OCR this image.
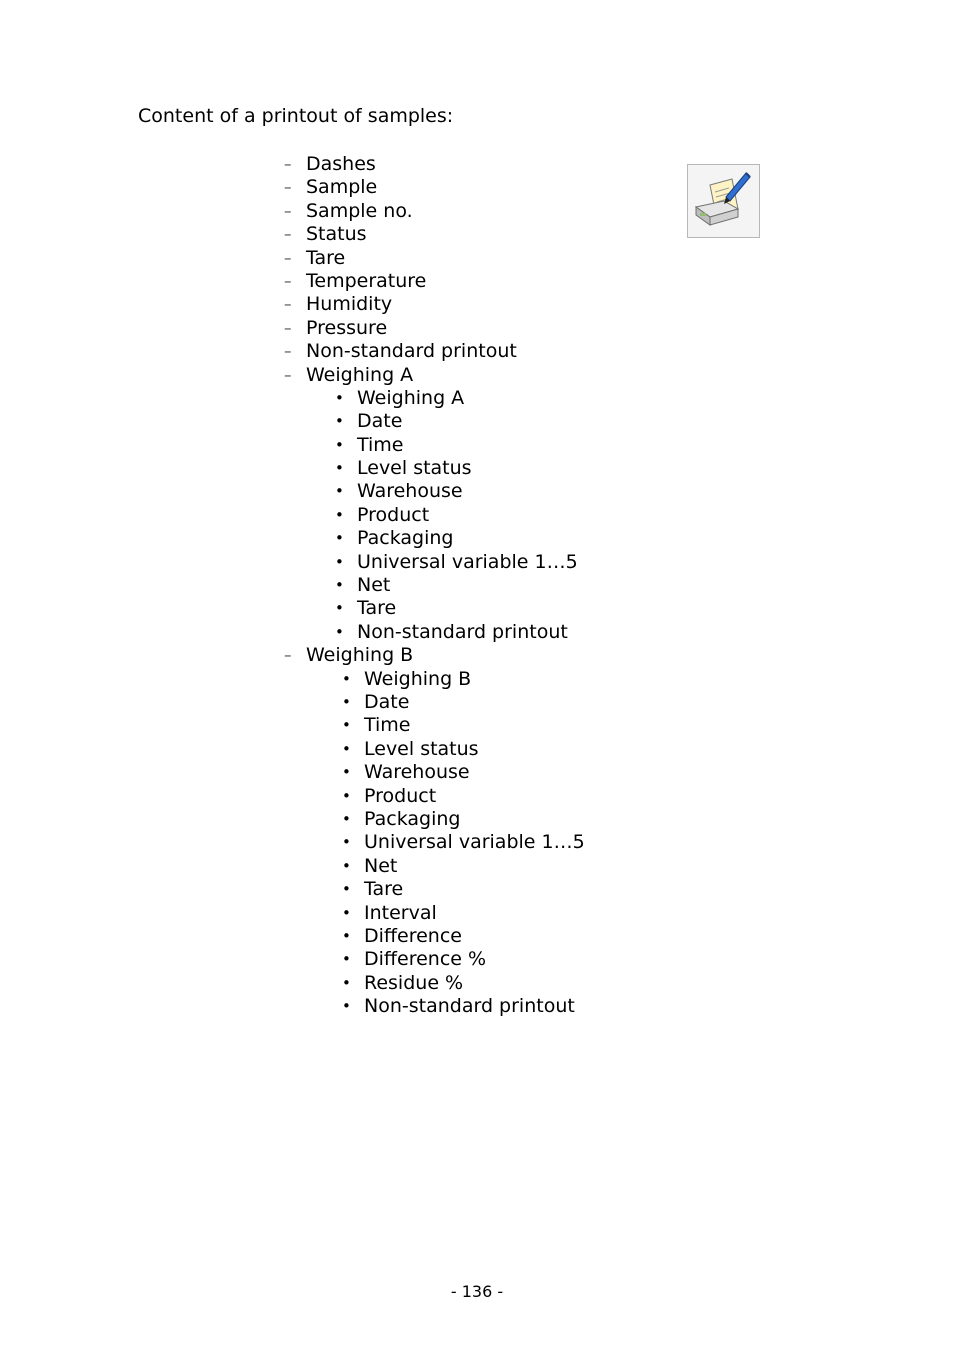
Content of a printout of samples:
– Dashes
– Sample
– Sample no.
– Status
– Tare
– Temperature
– Humidity
– Pressure
– Non-standard printout
– Weighing A
• Weighing A
• Date
• Time
• Level status
• Warehouse
• Product
• Packaging
• Universal variable 1…5
• Net
• Tare
• Non-standard printout
– Weighing B
• Weighing B
• Date
• Time
• Level status
• Warehouse
• Product
• Packaging
• Universal variable 1…5
• Net
• Tare
• Interval
• Difference
• Difference %
• Residue %
• Non-standard printout
- 136 -
